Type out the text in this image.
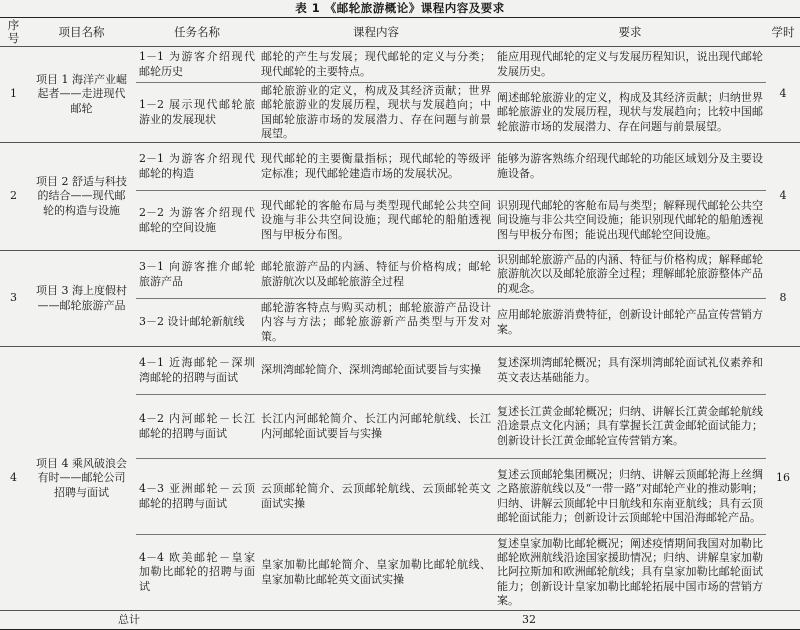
表 1 《邮轮旅游概论》课程内容及要求
序号	项目名称	任务名称	课程内容	要求	学时
1	项目 1 海洋产业崛起者——走进现代邮轮	1－1 为游客介绍现代邮轮历史	邮轮的产生与发展；现代邮轮的定义与分类；现代邮轮的主要特点。	能应用现代邮轮的定义与发展历程知识，说出现代邮轮发展历史。	4
		1－2 展示现代邮轮旅游业的发展现状	邮轮旅游业的定义，构成及其经济贡献；世界邮轮旅游业的发展历程，现状与发展趋向；中国邮轮旅游市场的发展潜力、存在问题与前景展望。	阐述邮轮旅游业的定义，构成及其经济贡献；归纳世界邮轮旅游业的发展历程，现状与发展趋向；比较中国邮轮旅游市场的发展潜力、存在问题与前景展望。	
2	项目 2 舒适与科技的结合——现代邮轮的构造与设施	2－1 为游客介绍现代邮轮的构造	现代邮轮的主要衡量指标；现代邮轮的等级评定标准；现代邮轮建造市场的发展状况。	能够为游客熟练介绍现代邮轮的功能区域划分及主要设施设备。	4
		2－2 为游客介绍现代邮轮的空间设施	现代邮轮的客舱布局与类型现代邮轮公共空间设施与非公共空间设施；现代邮轮的船舶透视图与甲板分布图。	识别现代邮轮的客舱布局与类型；解释现代邮轮公共空间设施与非公共空间设施；能识别现代邮轮的船舶透视图与甲板分布图；能说出现代邮轮空间设施。	
3	项目 3 海上度假村——邮轮旅游产品	3－1 向游客推介邮轮旅游产品	邮轮旅游产品的内涵、特征与价格构成；邮轮旅游航次以及邮轮旅游全过程	识别邮轮旅游产品的内涵、特征与价格构成；解释邮轮旅游航次以及邮轮旅游全过程；理解邮轮旅游整体产品的观念。	8
		3－2 设计邮轮新航线	邮轮游客特点与购买动机；邮轮旅游产品设计内容与方法；邮轮旅游新产品类型与开发对策。	应用邮轮旅游消费特征，创新设计邮轮产品宣传营销方案。	
4	项目 4 乘风破浪会有时——邮轮公司招聘与面试	4－1 近海邮轮－深圳湾邮轮的招聘与面试	深圳湾邮轮简介、深圳湾邮轮面试要旨与实操	复述深圳湾邮轮概况；具有深圳湾邮轮面试礼仪素养和英文表达基础能力。	16
		4－2 内河邮轮－长江邮轮的招聘与面试	长江内河邮轮简介、长江内河邮轮航线、长江内河邮轮面试要旨与实操	复述长江黄金邮轮概况；归纳、讲解长江黄金邮轮航线沿途景点文化内涵；具有掌握长江黄金邮轮面试能力；创新设计长江黄金邮轮宣传营销方案。	
		4－3 亚洲邮轮－云顶邮轮的招聘与面试	云顶邮轮简介、云顶邮轮航线、云顶邮轮英文面试实操	复述云顶邮轮集团概况；归纳、讲解云顶邮轮海上丝绸之路旅游航线以及“一带一路”对邮轮产业的推动影响；归纳、讲解云顶邮轮中日航线和东南亚航线；具有云顶邮轮面试能力；创新设计云顶邮轮中国沿海邮轮产品。	
		4－4 欧美邮轮－皇家加勒比邮轮的招聘与面试	皇家加勒比邮轮简介、皇家加勒比邮轮航线、皇家加勒比邮轮英文面试实操	复述皇家加勒比邮轮概况；阐述疫情期间我国对加勒比邮轮欧洲航线沿途国家援助情况；归纳、讲解皇家加勒比阿拉斯加和欧洲邮轮航线；具有皇家加勒比邮轮面试能力；创新设计皇家加勒比邮轮拓展中国市场的营销方案。	
总计			32		
